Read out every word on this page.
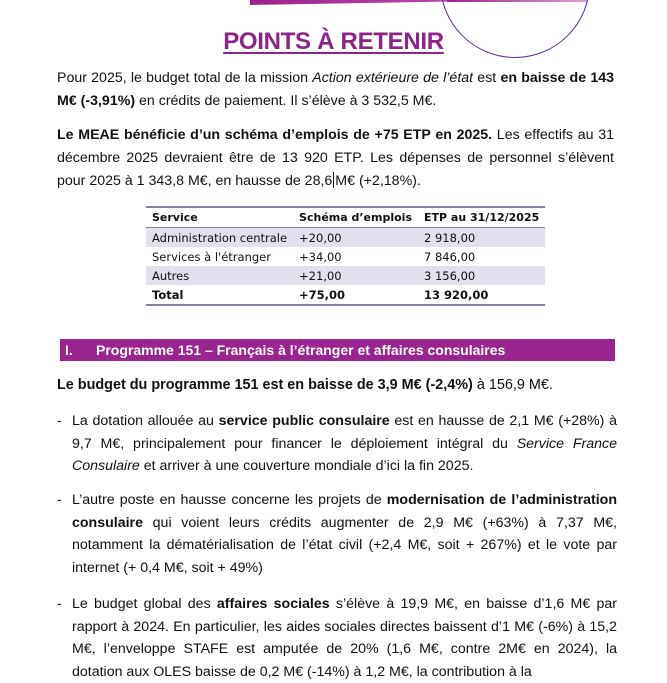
POINTS À RETENIR
Pour 2025, le budget total de la mission Action extérieure de l’état est en baisse de 143 M€ (-3,91%) en crédits de paiement. Il s’élève à 3 532,5 M€.
Le MEAE bénéficie d’un schéma d’emplois de +75 ETP en 2025. Les effectifs au 31 décembre 2025 devraient être de 13 920 ETP. Les dépenses de personnel s’élèvent pour 2025 à 1 343,8 M€, en hausse de 28,6 M€ (+2,18%).
Service	Schéma d’emplois	ETP au 31/12/2025
Administration centrale	+20,00	2 918,00
Services à l'étranger	+34,00	7 846,00
Autres	+21,00	3 156,00
Total	+75,00	13 920,00
I. Programme 151 – Français à l’étranger et affaires consulaires
Le budget du programme 151 est en baisse de 3,9 M€ (-2,4%) à 156,9 M€.
- La dotation allouée au service public consulaire est en hausse de 2,1 M€ (+28%) à 9,7 M€, principalement pour financer le déploiement intégral du Service France Consulaire et arriver à une couverture mondiale d’ici la fin 2025.
- L’autre poste en hausse concerne les projets de modernisation de l’administration consulaire qui voient leurs crédits augmenter de 2,9 M€ (+63%) à 7,37 M€, notamment la dématérialisation de l’état civil (+2,4 M€, soit + 267%) et le vote par internet (+ 0,4 M€, soit + 49%)
- Le budget global des affaires sociales s’élève à 19,9 M€, en baisse d’1,6 M€ par rapport à 2024. En particulier, les aides sociales directes baissent d’1 M€ (-6%) à 15,2 M€, l’enveloppe STAFE est amputée de 20% (1,6 M€, contre 2M€ en 2024), la dotation aux OLES baisse de 0,2 M€ (-14%) à 1,2 M€, la contribution à la
